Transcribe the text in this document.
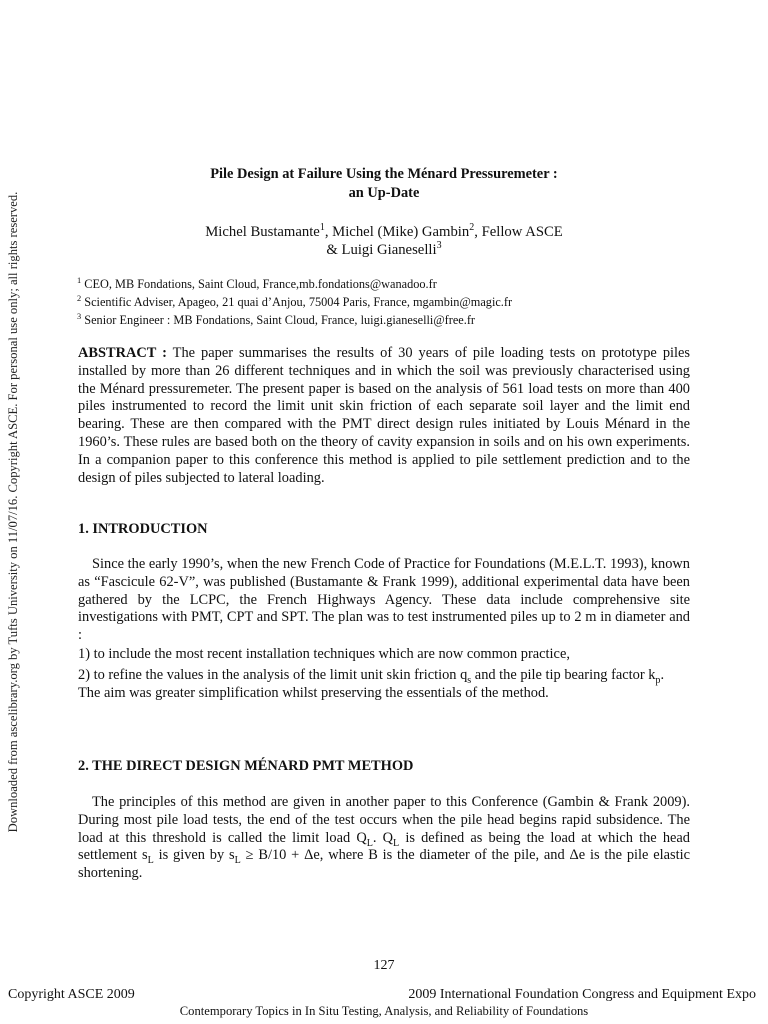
Downloaded from ascelibrary.org by Tufts University on 11/07/16. Copyright ASCE. For personal use only; all rights reserved.
Pile Design at Failure Using the Ménard Pressuremeter :
an Up-Date
Michel Bustamante$^1$, Michel (Mike) Gambin$^2$, Fellow ASCE
& Luigi Gianeselli$^3$
$^1$ CEO, MB Fondations, Saint Cloud, France,mb.fondations@wanadoo.fr
$^2$ Scientific Adviser, Apageo, 21 quai d’Anjou, 75004 Paris, France, mgambin@magic.fr
$^3$ Senior Engineer : MB Fondations, Saint Cloud, France, luigi.gianeselli@free.fr

ABSTRACT : The paper summarises the results of 30 years of pile loading tests on prototype piles installed by more than 26 different techniques and in which the soil was previously characterised using the Ménard pressuremeter. The present paper is based on the analysis of 561 load tests on more than 400 piles instrumented to record the limit unit skin friction of each separate soil layer and the limit end bearing. These are then compared with the PMT direct design rules initiated by Louis Ménard in the 1960’s. These rules are based both on the theory of cavity expansion in soils and on his own experiments. In a companion paper to this conference this method is applied to pile settlement prediction and to the design of piles subjected to lateral loading.

1. INTRODUCTION

Since the early 1990’s, when the new French Code of Practice for Foundations (M.E.L.T. 1993), known as “Fascicule 62-V”, was published (Bustamante & Frank 1999), additional experimental data have been gathered by the LCPC, the French Highways Agency. These data include comprehensive site investigations with PMT, CPT and SPT. The plan was to test instrumented piles up to 2 m in diameter and :

1) to include the most recent installation techniques which are now common practice,
2) to refine the values in the analysis of the limit unit skin friction $q_s$ and the pile tip bearing factor $k_p$.
The aim was greater simplification whilst preserving the essentials of the method.
2. THE DIRECT DESIGN MÉNARD PMT METHOD

The principles of this method are given in another paper to this Conference (Gambin & Frank 2009). During most pile load tests, the end of the test occurs when the pile head begins rapid subsidence. The load at this threshold is called the limit load $Q_L$. $Q_L$ is defined as being the load at which the head settlement $s_L$ is given by $s_L \ge B/10 + \Delta e$, where B is the diameter of the pile, and Δe is the pile elastic shortening.

127
Copyright ASCE 2009	2009 International Foundation Congress and Equipment Expo
Contemporary Topics in In Situ Testing, Analysis, and Reliability of Foundations
